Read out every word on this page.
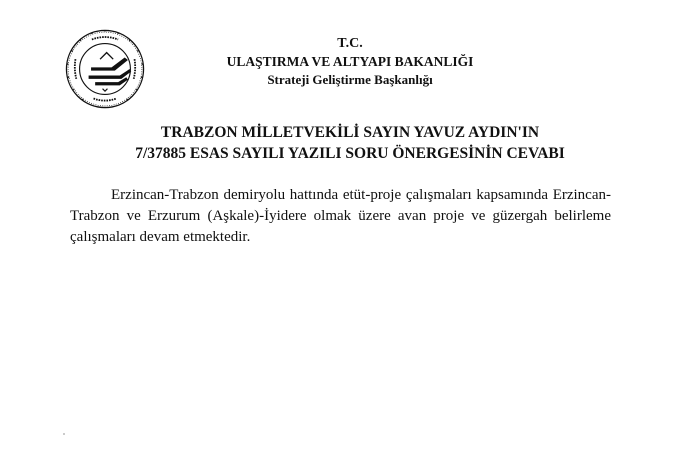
T.C.
ULAŞTIRMA VE ALTYAPI BAKANLIĞI
Strateji Geliştirme Başkanlığı
TRABZON MİLLETVEKİLİ SAYIN YAVUZ AYDIN'IN
7/37885 ESAS SAYILI YAZILI SORU ÖNERGESİNİN CEVABI

Erzincan-Trabzon demiryolu hattında etüt-proje çalışmaları kapsamında Erzincan-Trabzon ve Erzurum (Aşkale)-İyidere olmak üzere avan proje ve güzergah belirleme çalışmaları devam etmektedir.
